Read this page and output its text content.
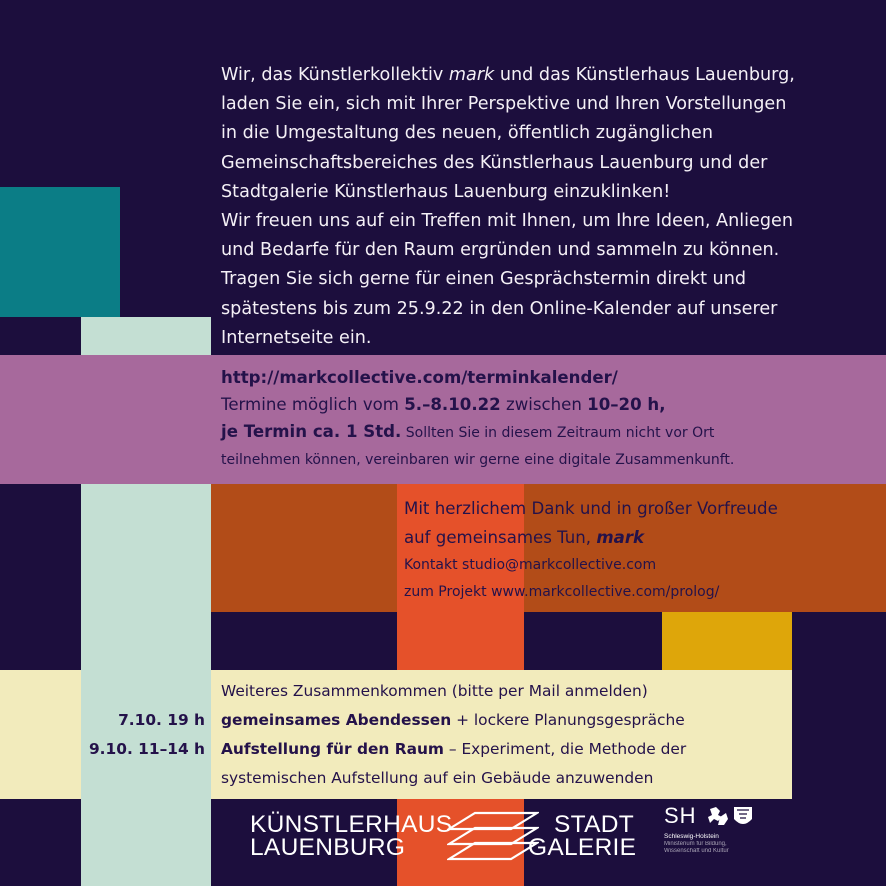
Wir, das Künstlerkollektiv mark und das Künstlerhaus Lauenburg,

laden Sie ein, sich mit Ihrer Perspektive und Ihren Vorstellungen

in die Umgestaltung des neuen, öffentlich zugänglichen

Gemeinschaftsbereiches des Künstlerhaus Lauenburg und der

Stadtgalerie Künstlerhaus Lauenburg einzuklinken!

Wir freuen uns auf ein Treffen mit Ihnen, um Ihre Ideen, Anliegen

und Bedarfe für den Raum ergründen und sammeln zu können.

Tragen Sie sich gerne für einen Gesprächstermin direkt und

spätestens bis zum 25.9.22 in den Online-Kalender auf unserer

Internetseite ein.

http://markcollective.com/terminkalender/
Termine möglich vom 5.–8.10.22 zwischen 10–20 h,
je Termin ca. 1 Std. Sollten Sie in diesem Zeitraum nicht vor Ort
teilnehmen können, vereinbaren wir gerne eine digitale Zusammenkunft.
Mit herzlichem Dank und in großer Vorfreude
auf gemeinsames Tun, mark
Kontakt studio@markcollective.com
zum Projekt www.markcollective.com/prolog/
7.10. 19 h
9.10. 11–14 h
Weiteres Zusammenkommen (bitte per Mail anmelden)
gemeinsames Abendessen + lockere Planungsgespräche
Aufstellung für den Raum – Experiment, die Methode der
systemischen Aufstellung auf ein Gebäude anzuwenden
KÜNSTLERHAUS
LAUENBURG
STADT
GALERIE
SH
Schleswig-Holstein
Ministerium für Bildung,
Wissenschaft und Kultur
